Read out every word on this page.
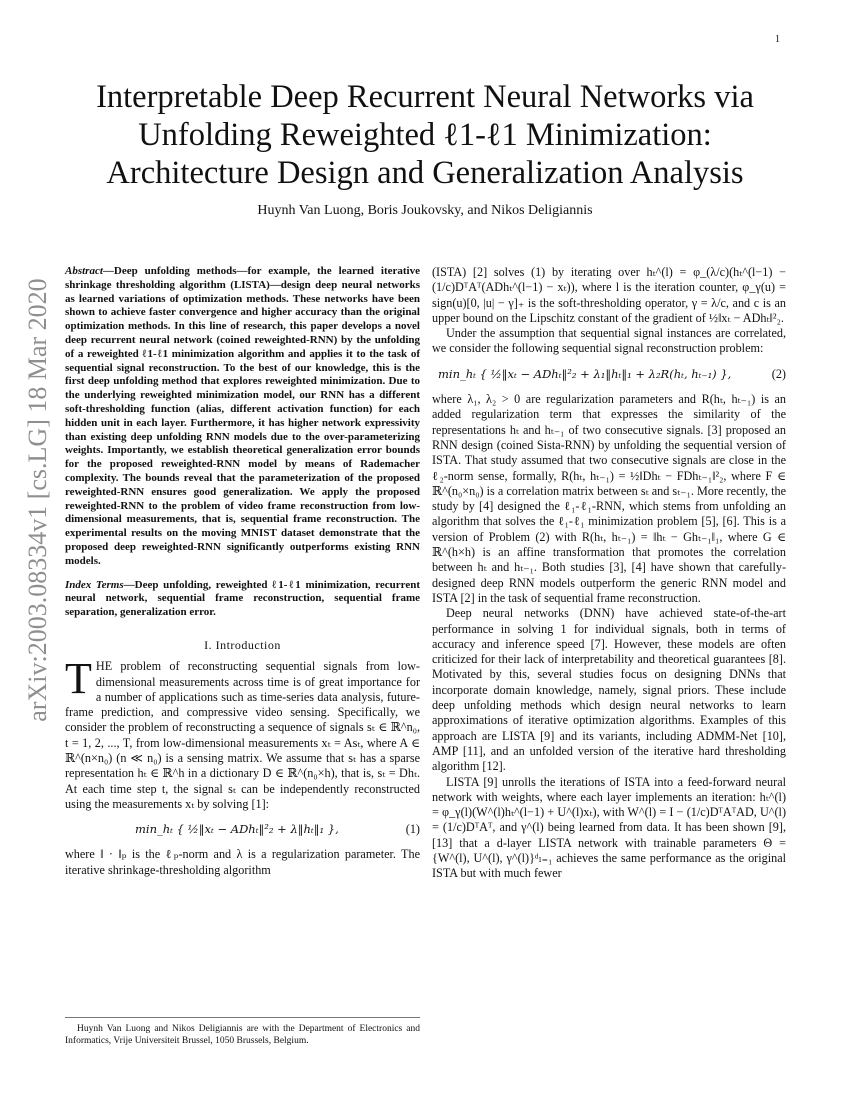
1
arXiv:2003.08334v1 [cs.LG] 18 Mar 2020
Interpretable Deep Recurrent Neural Networks via
Unfolding Reweighted ℓ1-ℓ1 Minimization:
Architecture Design and Generalization Analysis
Huynh Van Luong, Boris Joukovsky, and Nikos Deligiannis
Abstract—Deep unfolding methods—for example, the learned iterative shrinkage thresholding algorithm (LISTA)—design deep neural networks as learned variations of optimization methods. These networks have been shown to achieve faster convergence and higher accuracy than the original optimization methods. In this line of research, this paper develops a novel deep recurrent neural network (coined reweighted-RNN) by the unfolding of a reweighted ℓ1-ℓ1 minimization algorithm and applies it to the task of sequential signal reconstruction. To the best of our knowledge, this is the first deep unfolding method that explores reweighted minimization. Due to the underlying reweighted minimization model, our RNN has a different soft-thresholding function (alias, different activation function) for each hidden unit in each layer. Furthermore, it has higher network expressivity than existing deep unfolding RNN models due to the over-parameterizing weights. Importantly, we establish theoretical generalization error bounds for the proposed reweighted-RNN model by means of Rademacher complexity. The bounds reveal that the parameterization of the proposed reweighted-RNN ensures good generalization. We apply the proposed reweighted-RNN to the problem of video frame reconstruction from low-dimensional measurements, that is, sequential frame reconstruction. The experimental results on the moving MNIST dataset demonstrate that the proposed deep reweighted-RNN significantly outperforms existing RNN models.
Index Terms—Deep unfolding, reweighted ℓ1-ℓ1 minimization, recurrent neural network, sequential frame reconstruction, sequential frame separation, generalization error.
I. Introduction

THE problem of reconstructing sequential signals from low-dimensional measurements across time is of great importance for a number of applications such as time-series data analysis, future-frame prediction, and compressive video sensing. Specifically, we consider the problem of reconstructing a sequence of signals sₜ ∈ ℝ^n₀, t = 1, 2, ..., T, from low-dimensional measurements xₜ = Asₜ, where A ∈ ℝ^(n×n₀) (n ≪ n₀) is a sensing matrix. We assume that sₜ has a sparse representation hₜ ∈ ℝ^h in a dictionary D ∈ ℝ^(n₀×h), that is, sₜ = Dhₜ. At each time step t, the signal sₜ can be independently reconstructed using the measurements xₜ by solving [1]:

min_hₜ { ½‖xₜ − ADhₜ‖²₂ + λ‖hₜ‖₁ },	(1)

where ‖ · ‖ₚ is the ℓₚ-norm and λ is a regularization parameter. The iterative shrinkage-thresholding algorithm

Huynh Van Luong and Nikos Deligiannis are with the Department of Electronics and Informatics, Vrije Universiteit Brussel, 1050 Brussels, Belgium.

(ISTA) [2] solves (1) by iterating over hₜ^(l) = φ_(λ/c)(hₜ^(l−1) − (1/c)DᵀAᵀ(ADhₜ^(l−1) − xₜ)), where l is the iteration counter, φ_γ(u) = sign(u)[0, |u| − γ]₊ is the soft-thresholding operator, γ = λ/c, and c is an upper bound on the Lipschitz constant of the gradient of ½‖xₜ − ADhₜ‖²₂.

Under the assumption that sequential signal instances are correlated, we consider the following sequential signal reconstruction problem:

min_hₜ { ½‖xₜ − ADhₜ‖²₂ + λ₁‖hₜ‖₁ + λ₂R(hₜ, hₜ₋₁) },	(2)

where λ₁, λ₂ > 0 are regularization parameters and R(hₜ, hₜ₋₁) is an added regularization term that expresses the similarity of the representations hₜ and hₜ₋₁ of two consecutive signals. [3] proposed an RNN design (coined Sista-RNN) by unfolding the sequential version of ISTA. That study assumed that two consecutive signals are close in the ℓ₂-norm sense, formally, R(hₜ, hₜ₋₁) = ½‖Dhₜ − FDhₜ₋₁‖²₂, where F ∈ ℝ^(n₀×n₀) is a correlation matrix between sₜ and sₜ₋₁. More recently, the study by [4] designed the ℓ₁-ℓ₁-RNN, which stems from unfolding an algorithm that solves the ℓ₁-ℓ₁ minimization problem [5], [6]. This is a version of Problem (2) with R(hₜ, hₜ₋₁) = ‖hₜ − Ghₜ₋₁‖₁, where G ∈ ℝ^(h×h) is an affine transformation that promotes the correlation between hₜ and hₜ₋₁. Both studies [3], [4] have shown that carefully-designed deep RNN models outperform the generic RNN model and ISTA [2] in the task of sequential frame reconstruction.

Deep neural networks (DNN) have achieved state-of-the-art performance in solving 1 for individual signals, both in terms of accuracy and inference speed [7]. However, these models are often criticized for their lack of interpretability and theoretical guarantees [8]. Motivated by this, several studies focus on designing DNNs that incorporate domain knowledge, namely, signal priors. These include deep unfolding methods which design neural networks to learn approximations of iterative optimization algorithms. Examples of this approach are LISTA [9] and its variants, including ADMM-Net [10], AMP [11], and an unfolded version of the iterative hard thresholding algorithm [12].

LISTA [9] unrolls the iterations of ISTA into a feed-forward neural network with weights, where each layer implements an iteration: hₜ^(l) = φ_γ(l)(W^(l)hₜ^(l−1) + U^(l)xₜ), with W^(l) = I − (1/c)DᵀAᵀAD, U^(l) = (1/c)DᵀAᵀ, and γ^(l) being learned from data. It has been shown [9], [13] that a d-layer LISTA network with trainable parameters Θ = {W^(l), U^(l), γ^(l)}ᵈₗ₌₁ achieves the same performance as the original ISTA but with much fewer
